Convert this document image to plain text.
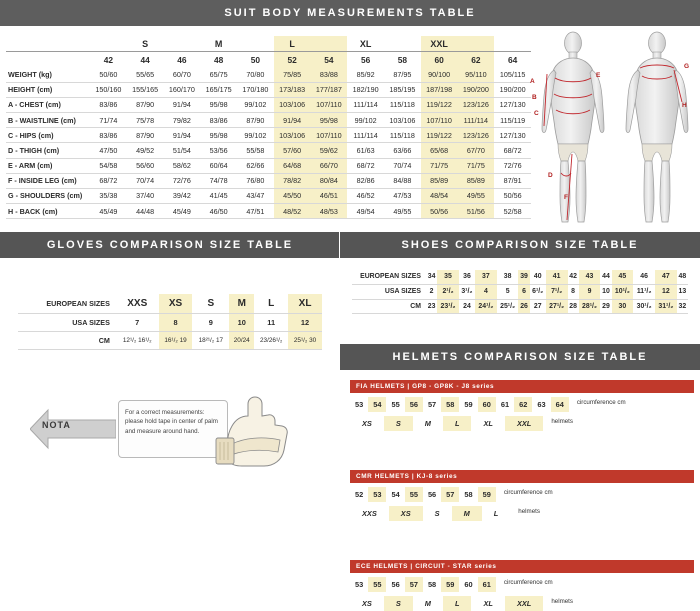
SUIT BODY MEASUREMENTS TABLE
		S		M		L		XL		XXL		
	42	44	46	48	50	52	54	56	58	60	62	64
WEIGHT (kg)	50/60	55/65	60/70	65/75	70/80	75/85	83/88	85/92	87/95	90/100	95/110	105/115
HEIGHT (cm)	150/160	155/165	160/170	165/175	170/180	173/183	177/187	182/190	185/195	187/198	190/200	190/200
A - CHEST (cm)	83/86	87/90	91/94	95/98	99/102	103/106	107/110	111/114	115/118	119/122	123/126	127/130
B - WAISTLINE (cm)	71/74	75/78	79/82	83/86	87/90	91/94	95/98	99/102	103/106	107/110	111/114	115/119
C - HIPS (cm)	83/86	87/90	91/94	95/98	99/102	103/106	107/110	111/114	115/118	119/122	123/126	127/130
D - THIGH (cm)	47/50	49/52	51/54	53/56	55/58	57/60	59/62	61/63	63/66	65/68	67/70	68/72
E - ARM (cm)	54/58	56/60	58/62	60/64	62/66	64/68	66/70	68/72	70/74	71/75	71/75	72/76
F - INSIDE LEG (cm)	68/72	70/74	72/76	74/78	76/80	78/82	80/84	82/86	84/88	85/89	85/89	87/91
G - SHOULDERS (cm)	35/38	37/40	39/42	41/45	43/47	45/50	46/51	46/52	47/53	48/54	49/55	50/56
H - BACK (cm)	45/49	44/48	45/49	46/50	47/51	48/52	48/53	49/54	49/55	50/56	51/56	52/58
A
B
C
D
E
F
G
H
GLOVES COMPARISON SIZE TABLE
EUROPEAN SIZES	XXS	XS	S	M	L	XL
USA SIZES	7	8	9	10	11	12
CM	12¹/₂ 16¹/₂	16¹/₂ 19	18²¹/₂ 17	20/24	23/26¹/₂	25¹/₂ 30
NOTA
For a correct measurements: please hold tape in center of palm and measure around hand.
SHOES COMPARISON SIZE TABLE
EUROPEAN SIZES	34	35	36	37	38	39	40	41	42	43	44	45	46	47	48
USA SIZES	2	2¹/₂	3¹/₂	4	5	6	6¹/₂	7¹/₂	8	9	10	10¹/₂	11¹/₂	12	13
CM	23	23¹/₂	24	24¹/₂	25¹/₂	26	27	27¹/₂	28	28¹/₂	29	30	30¹/₂	31¹/₂	32
HELMETS COMPARISON SIZE TABLE
FIA HELMETS | GP8 - GP8K - J8 series
53	54	55	56	57	58	59	60	61	62	63	64	circumference cm
XS	S	M	L	XL	XXL	helmets
CMR HELMETS | KJ-8 series
52	53	54	55	56	57	58	59	circumference cm
XXS	XS	S	M	L	helmets
ECE HELMETS | CIRCUIT - STAR series
53	55	56	57	58	59	60	61	circumference cm
XS	S	M	L	XL	XXL	helmets
